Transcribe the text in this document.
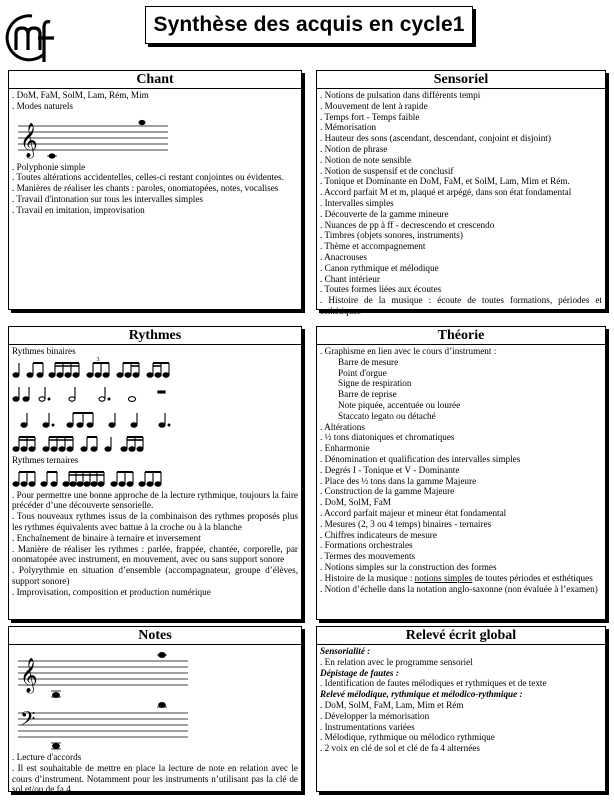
Synthèse des acquis en cycle1
Chant

. DoM, FaM, SolM, Lam, Rém, Mim

. Modes naturels

𝄞

. Polyphonie simple

. Toutes altérations accidentelles, celles-ci restant conjointes ou évidentes.

. Manières de réaliser les chants : paroles, onomatopées, notes, vocalises

. Travail d'intonation sur tous les intervalles simples

. Travail en imitation, improvisation

Sensoriel

. Notions de pulsation dans différents tempi

. Mouvement de lent à rapide

. Temps fort - Temps faible

. Mémorisation

. Hauteur des sons (ascendant, descendant, conjoint et disjoint)

. Notion de phrase

. Notion de note sensible

. Notion de suspensif et de conclusif

. Tonique et Dominante en DoM, FaM, et SolM, Lam, Mim et Rém.

. Accord parfait M et m, plaqué et arpégé, dans son état fondamental

. Intervalles simples

. Découverte de la gamme mineure

. Nuances de pp à ff - decrescendo et crescendo

. Timbres (objets sonores, instruments)

. Thème et accompagnement

. Anacrouses

. Canon rythmique et mélodique

. Chant intérieur

. Toutes formes liées aux écoutes

. Histoire de la musique : écoute de toutes formations, périodes et esthétiques

Rythmes

Rythmes binaires

3

Rythmes ternaires

. Pour permettre une bonne approche de la lecture rythmique, toujours la faire précéder d’une découverte sensorielle.

. Tous nouveaux rythmes issus de la combinaison des rythmes proposés plus les rythmes équivalents avec battue à la croche ou à la blanche

. Enchaînement de binaire à ternaire et inversement

. Manière de réaliser les rythmes : parlée, frappée, chantée, corporelle, par onomatopée avec instrument, en mouvement, avec ou sans support sonore

. Polyrythmie en situation d’ensemble (accompagnateur, groupe d’élèves, support sonore)

. Improvisation, composition et production numérique

Théorie

. Graphisme en lien avec le cours d’instrument :

Barre de mesure

Point d'orgue

Signe de respiration

Barre de reprise

Note piquée, accentuée ou lourée

Staccato legato ou détaché

. Altérations

. ½ tons diatoniques et chromatiques

. Enharmonie

. Dénomination et qualification des intervalles simples

. Degrés I - Tonique et V - Dominante

. Place des ½ tons dans la gamme Majeure

. Construction de la gamme Majeure

. DoM, SolM, FaM

. Accord parfait majeur et mineur état fondamental

. Mesures (2, 3 ou 4 temps) binaires - ternaires

. Chiffres indicateurs de mesure

. Formations orchestrales

. Termes des mouvements

. Notions simples sur la construction des formes

. Histoire de la musique : notions simples de toutes périodes et esthétiques

. Notion d’échelle dans la notation anglo-saxonne (non évaluée à l’examen)

Notes
𝄞
𝄢

. Lecture d'accords

. Il est souhaitable de mettre en place la lecture de note en relation avec le cours d’instrument. Notamment pour les instruments n’utilisant pas la clé de sol et/ou de fa 4.

Relevé écrit global

Sensorialité :

. En relation avec le programme sensoriel

Dépistage de fautes :

. Identification de fautes mélodiques et rythmiques et de texte

Relevé mélodique, rythmique et mélodico-rythmique :

. DoM, SolM, FaM, Lam, Mim et Rém

. Développer la mémorisation

. Instrumentations variées

. Mélodique, rythmique ou mélodico rythmique

. 2 voix en clé de sol et clé de fa 4 alternées
